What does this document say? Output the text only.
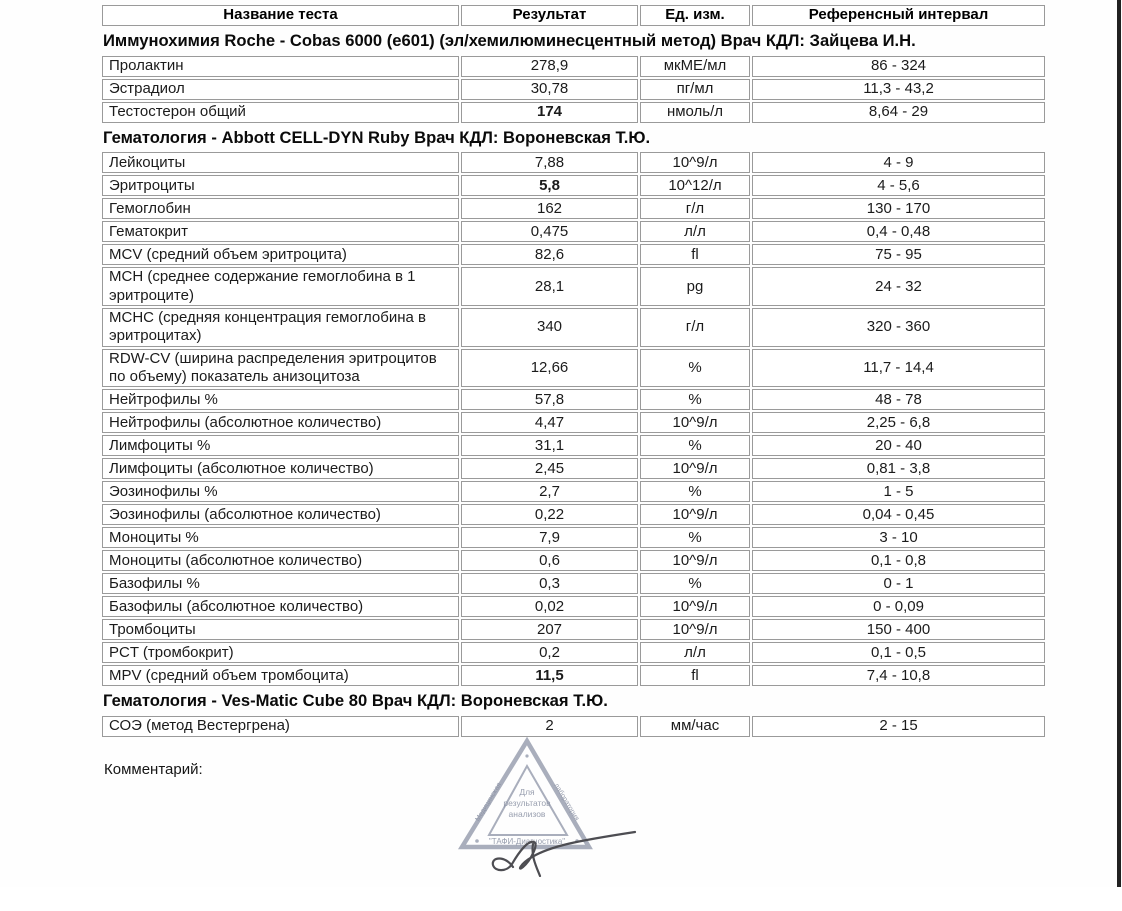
Название теста	Результат	Ед. изм.	Референсный интервал
Иммунохимия Roche - Cobas 6000 (e601) (эл/хемилюминесцентный метод) Врач КДЛ: Зайцева И.Н.
Пролактин	278,9	мкМЕ/мл	86 - 324
Эстрадиол	30,78	пг/мл	11,3 - 43,2
Тестостерон общий	174	нмоль/л	8,64 - 29
Гематология - Abbott CELL-DYN Ruby Врач КДЛ: Вороневская Т.Ю.
Лейкоциты	7,88	10^9/л	4 - 9
Эритроциты	5,8	10^12/л	4 - 5,6
Гемоглобин	162	г/л	130 - 170
Гематокрит	0,475	л/л	0,4 - 0,48
MCV (средний объем эритроцита)	82,6	fl	75 - 95
MCH (среднее содержание гемоглобина в 1 эритроците)	28,1	pg	24 - 32
MCHC (средняя концентрация гемоглобина в эритроцитах)	340	г/л	320 - 360
RDW-CV (ширина распределения эритроцитов по объему) показатель анизоцитоза	12,66	%	11,7 - 14,4
Нейтрофилы %	57,8	%	48 - 78
Нейтрофилы (абсолютное количество)	4,47	10^9/л	2,25 - 6,8
Лимфоциты %	31,1	%	20 - 40
Лимфоциты (абсолютное количество)	2,45	10^9/л	0,81 - 3,8
Эозинофилы %	2,7	%	1 - 5
Эозинофилы (абсолютное количество)	0,22	10^9/л	0,04 - 0,45
Моноциты %	7,9	%	3 - 10
Моноциты (абсолютное количество)	0,6	10^9/л	0,1 - 0,8
Базофилы %	0,3	%	0 - 1
Базофилы (абсолютное количество)	0,02	10^9/л	0 - 0,09
Тромбоциты	207	10^9/л	150 - 400
PCT (тромбокрит)	0,2	л/л	0,1 - 0,5
MPV (средний объем тромбоцита)	11,5	fl	7,4 - 10,8
Гематология - Ves-Matic Cube 80 Врач КДЛ: Вороневская Т.Ю.
СОЭ (метод Вестергрена)	2	мм/час	2 - 15
Комментарий:
Для
результатов
анализов
"ТАФИ-Диагностика"
Медицинская	лаборатория
